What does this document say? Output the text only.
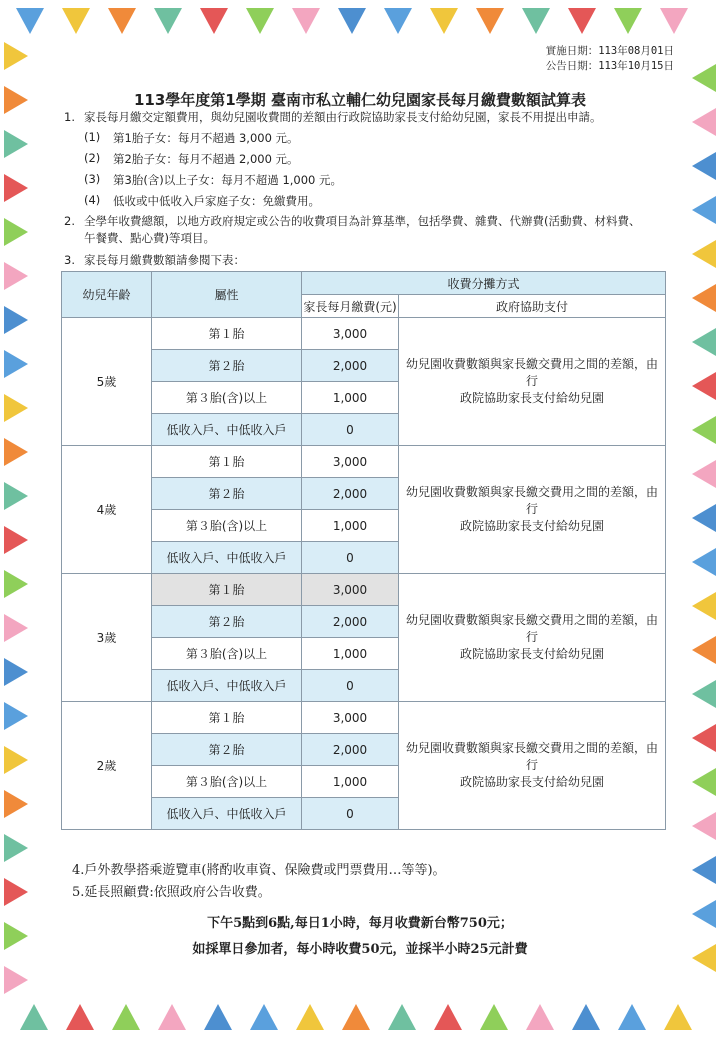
實施日期：113年08月01日
公告日期：113年10月15日
113學年度第1學期 臺南市私立輔仁幼兒園家長每月繳費數額試算表
1. 家長每月繳交定額費用，與幼兒園收費間的差額由行政院協助家長支付給幼兒園，家長不用提出申請。
(1) 第1胎子女：每月不超過 3,000 元。
(2) 第2胎子女：每月不超過 2,000 元。
(3) 第3胎(含)以上子女：每月不超過 1,000 元。
(4) 低收或中低收入戶家庭子女：免繳費用。
2. 全學年收費總額，以地方政府規定或公告的收費項目為計算基準，包括學費、雜費、代辦費(活動費、材料費、
午餐費、點心費)等項目。
3. 家長每月繳費數額請參閱下表：
幼兒年齡	屬性	收費分攤方式	
		家長每月繳費(元)	政府協助支付
5歲	第１胎	3,000	幼兒園收費數額與家長繳交費用之間的差額，由行
政院協助家長支付給幼兒園

	第２胎	2,000	
	第３胎(含)以上	1,000	
	低收入戶、中低收入戶	0	
4歲	第１胎	3,000	幼兒園收費數額與家長繳交費用之間的差額，由行
政院協助家長支付給幼兒園

	第２胎	2,000	
	第３胎(含)以上	1,000	
	低收入戶、中低收入戶	0	
3歲	第１胎	3,000	幼兒園收費數額與家長繳交費用之間的差額，由行
政院協助家長支付給幼兒園

	第２胎	2,000	
	第３胎(含)以上	1,000	
	低收入戶、中低收入戶	0	
2歲	第１胎	3,000	幼兒園收費數額與家長繳交費用之間的差額，由行
政院協助家長支付給幼兒園

	第２胎	2,000	
	第３胎(含)以上	1,000	
	低收入戶、中低收入戶	0	
4.戶外教學搭乘遊覽車(將酌收車資、保險費或門票費用…等等)。
5.延長照顧費:依照政府公告收費。
下午5點到6點,每日1小時，每月收費新台幣750元；
如採單日參加者，每小時收費50元，並採半小時25元計費
